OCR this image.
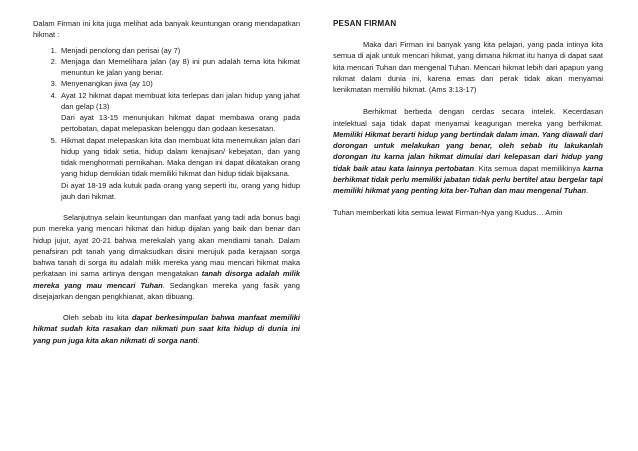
Dalam Firman ini kita juga melihat ada banyak keuntungan orang mendapatkan hikmat :

1. Menjadi penolong dan perisai (ay 7)
2. Menjaga dan Memelihara jalan (ay 8) ini pun adalah tema kita hikmat menuntun ke jalan yang benar.
3. Menyenangkan jiwa (ay 10)
4. Ayat 12 hikmat dapat membuat kita terlepas dari jalan hidup yang jahat dan gelap (13)
Dari ayat 13-15 menunjukan hikmat dapat membawa orang pada pertobatan, dapat melepaskan belenggu dan godaan kesesatan.
5. Hikmat dapat melepaskan kita dan membuat kita menemukan jalan dari hidup yang tidak setia, hidup dalam kenajisan/ kebejatan, dan yang tidak menghormati pernikahan. Maka dengan ini dapat dikatakan orang yang hidup demikian tidak memiliki hikmat dan hidup tidak bijaksana.
Di ayat 18-19 ada kutuk pada orang yang seperti itu, orang yang hidup jauh dari hikmat.

Selanjutnya selain keuntungan dan manfaat yang tadi ada bonus bagi pun mereka yang mencari hikmat dan hidup dijalan yang baik dan benar dan hidup jujur, ayat 20-21 bahwa merekalah yang akan mendiami tanah. Dalam penafsiran pdt tanah yang dimaksudkan disini merujuk pada kerajaan sorga bahwa tanah di sorga itu adalah milik mereka yang mau mencari hikmat maka perkataan ini sama artinya dengan mengatakan tanah disorga adalah milik mereka yang mau mencari Tuhan. Sedangkan mereka yang fasik yang disejajarkan dengan pengkhianat, akan dibuang.

Oleh sebab itu kita dapat berkesimpulan bahwa manfaat memiliki hikmat sudah kita rasakan dan nikmati pun saat kita hidup di dunia ini yang pun juga kita akan nikmati di sorga nanti.

PESAN FIRMAN

Maka dari Firman ini banyak yang kita pelajari, yang pada intinya kita semua di ajak untuk mencari hikmat, yang dimana hikmat itu hanya di dapat saat kita mencari Tuhan dan mengenal Tuhan. Mencari hikmat lebih dari apapun yang nikmat dalam dunia ini, karena emas dan perak tidak akan menyamai kenikmatan memiliki hikmat. (Ams 3:13-17)

Berhikmat berbeda dengan cerdas secara intelek. Kecerdasan intelektual saja tidak dapat menyamai keagungan mereka yang berhikmat. Memiliki Hikmat berarti hidup yang bertindak dalam iman. Yang diawali dari dorongan untuk melakukan yang benar, oleh sebab itu lakukanlah dorongan itu karna jalan hikmat dimulai dari kelepasan dari hidup yang tidak baik atau kata lainnya pertobatan. Kita semua dapat memilikinya karna berhikmat tidak perlu memiliki jabatan tidak perlu bertitel atau bergelar tapi memiliki hikmat yang penting kita ber-Tuhan dan mau mengenal Tuhan.

Tuhan memberkati kita semua lewat Firman-Nya yang Kudus… Amin
